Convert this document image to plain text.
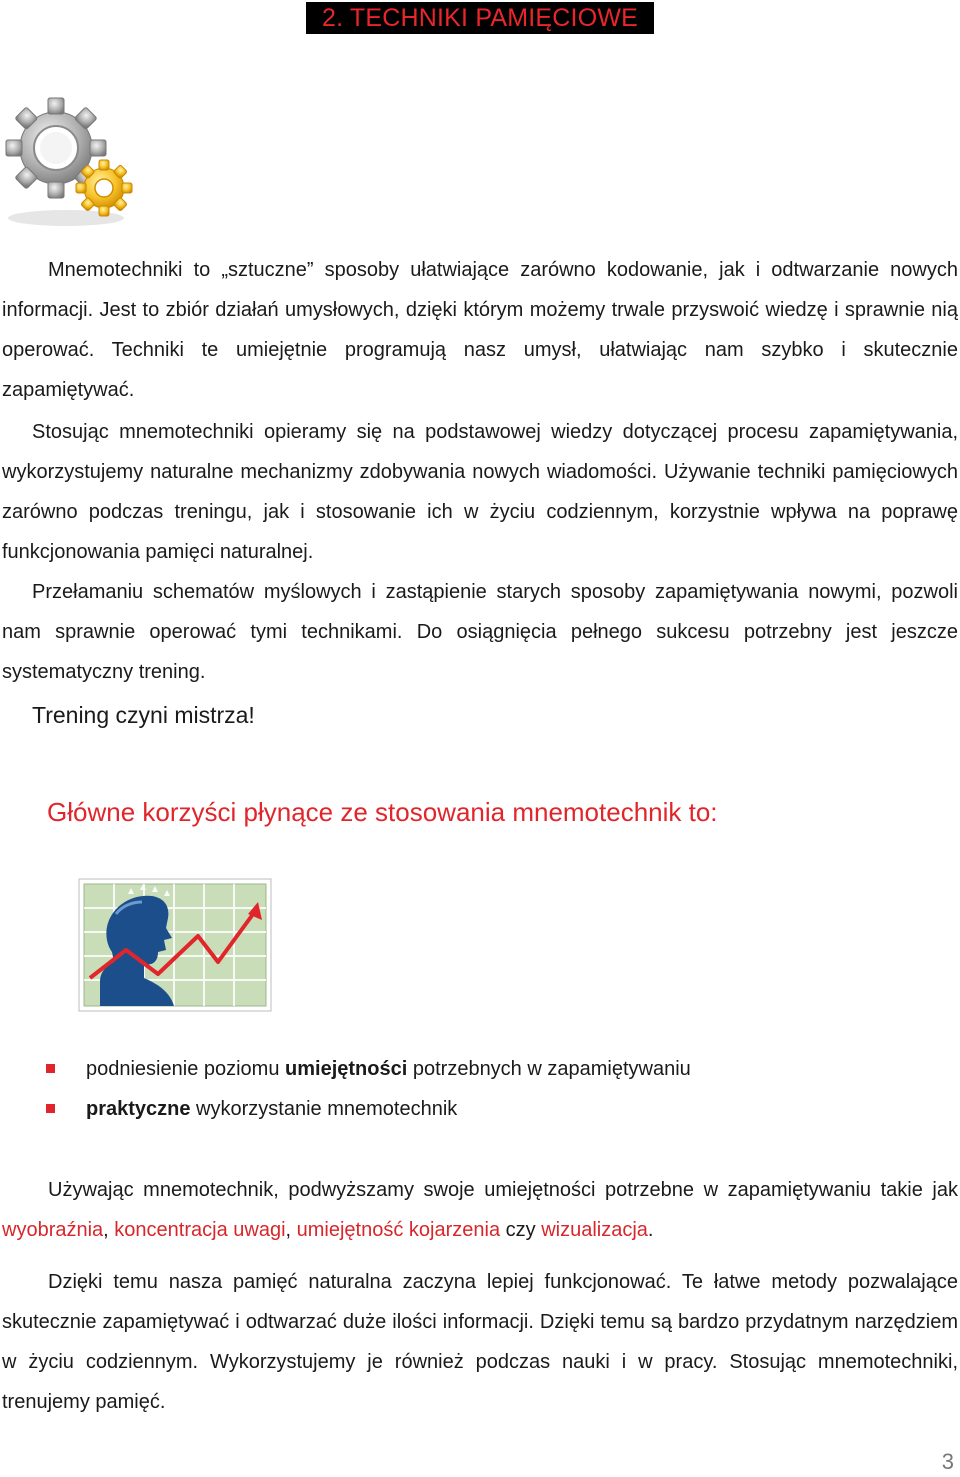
2. TECHNIKI PAMIĘCIOWE

Mnemotechniki to „sztuczne” sposoby ułatwiające zarówno kodowanie, jak i odtwarzanie nowych informacji. Jest to zbiór działań umysłowych, dzięki którym możemy trwale przyswoić wiedzę i sprawnie nią operować. Techniki te umiejętnie programują nasz umysł, ułatwiając nam szybko i skutecznie zapamiętywać.

Stosując mnemotechniki opieramy się na podstawowej wiedzy dotyczącej procesu zapamiętywania, wykorzystujemy naturalne mechanizmy zdobywania nowych wiadomości. Używanie techniki pamięciowych zarówno podczas treningu, jak i stosowanie ich w życiu codziennym, korzystnie wpływa na poprawę funkcjonowania pamięci naturalnej.

Przełamaniu schematów myślowych i zastąpienie starych sposoby zapamiętywania nowymi, pozwoli nam sprawnie operować tymi technikami. Do osiągnięcia pełnego sukcesu potrzebny jest jeszcze systematyczny trening.

Trening czyni mistrza!

Główne korzyści płynące ze stosowania mnemotechnik to:
podniesienie poziomu umiejętności potrzebnych w zapamiętywaniu
praktyczne wykorzystanie mnemotechnik

Używając mnemotechnik, podwyższamy swoje umiejętności potrzebne w zapamiętywaniu takie jak wyobraźnia, koncentracja uwagi, umiejętność kojarzenia czy wizualizacja.

Dzięki temu nasza pamięć naturalna zaczyna lepiej funkcjonować. Te łatwe metody pozwalające skutecznie zapamiętywać i odtwarzać duże ilości informacji. Dzięki temu są bardzo przydatnym narzędziem w życiu codziennym. Wykorzystujemy je również podczas nauki i w pracy. Stosując mnemotechniki, trenujemy pamięć.

3
